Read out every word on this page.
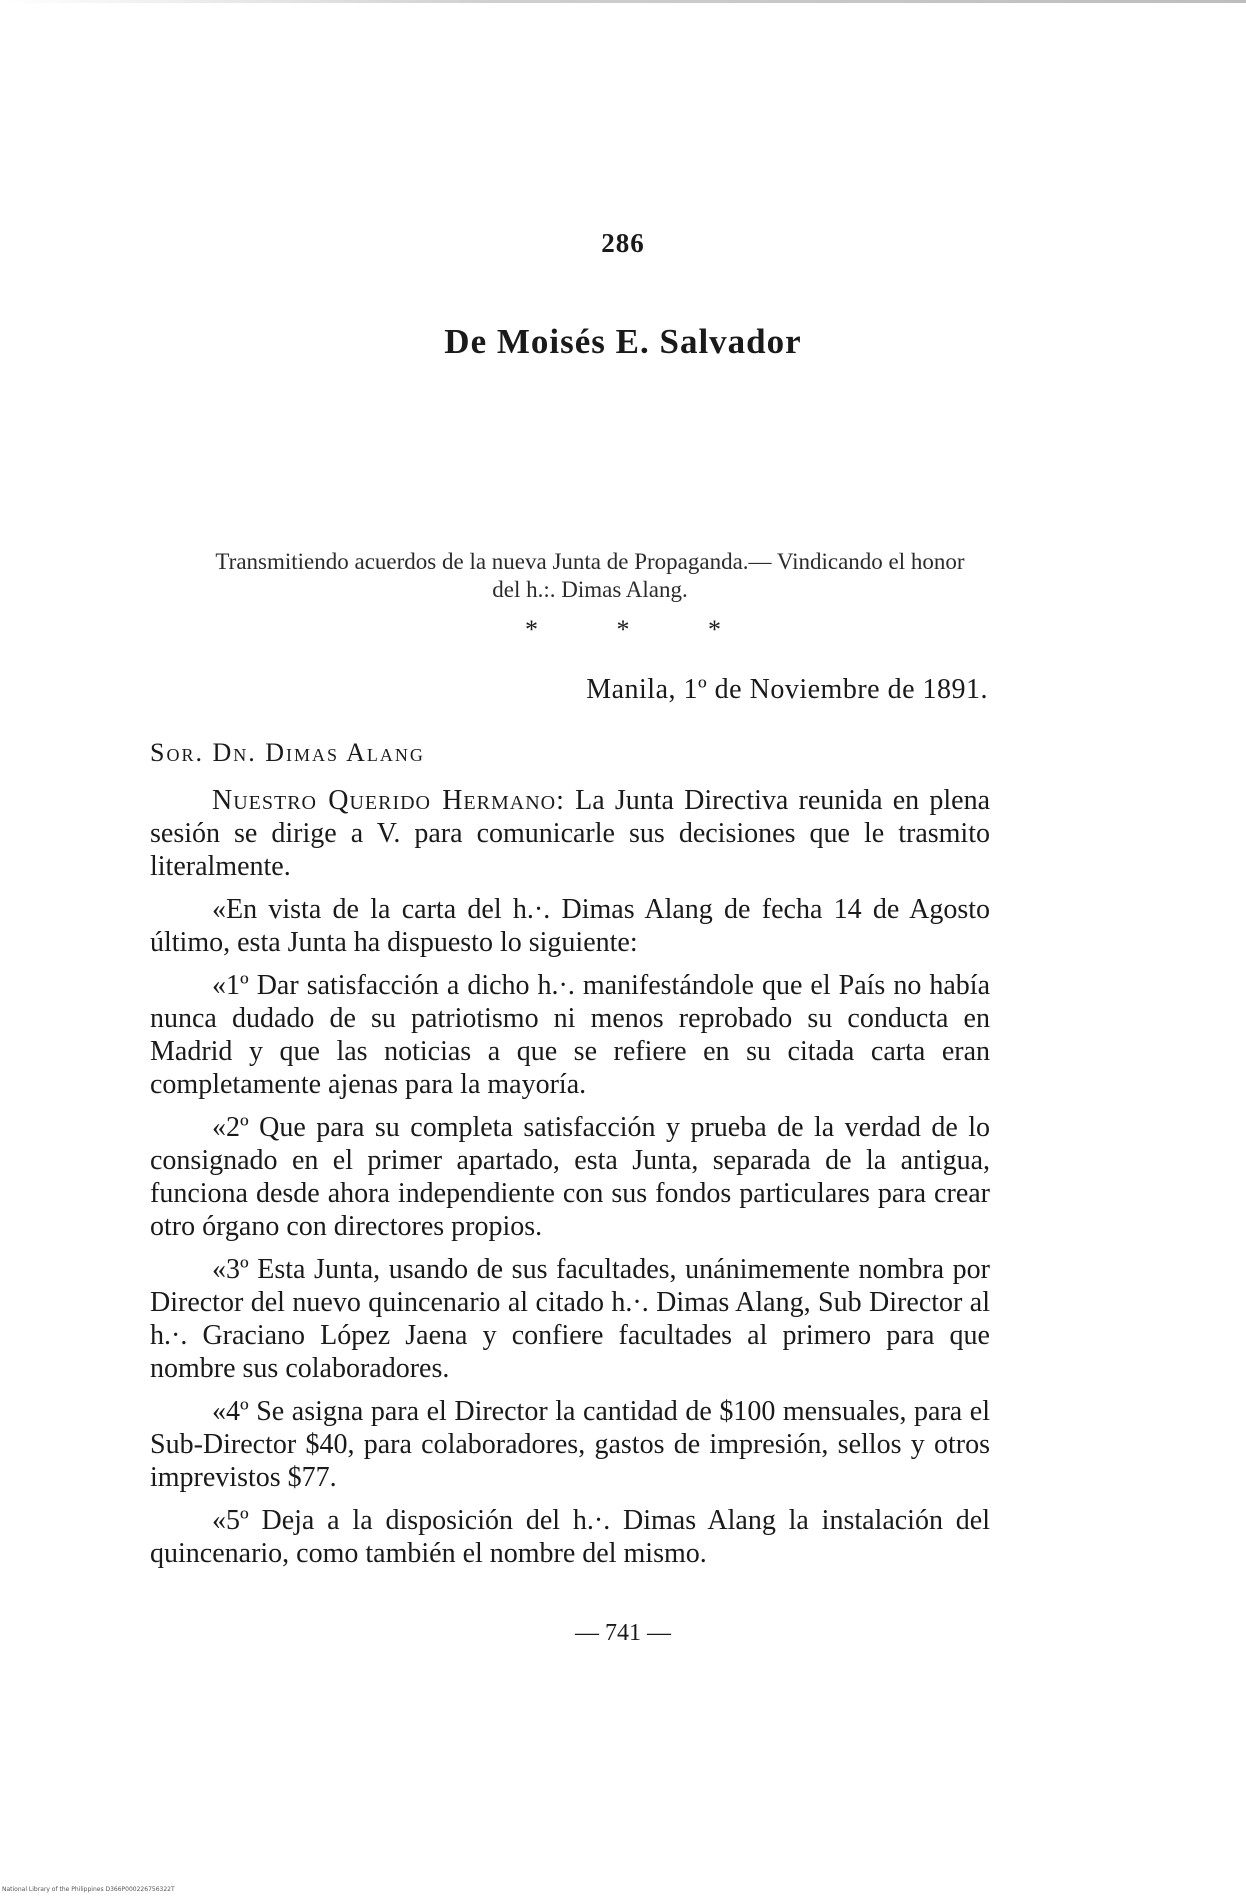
286
De Moisés E. Salvador
Transmitiendo acuerdos de la nueva Junta de Propaganda.— Vindicando el honor del h.:. Dimas Alang.
* * *
Manila, 1º de Noviembre de 1891.
Sor. Dn. Dimas Alang

Nuestro Querido Hermano: La Junta Directiva reunida en plena sesión se dirige a V. para comunicarle sus decisiones que le trasmito literalmente.

«En vista de la carta del h.·. Dimas Alang de fecha 14 de Agosto último, esta Junta ha dispuesto lo siguiente:

«1º Dar satisfacción a dicho h.·. manifestándole que el País no había nunca dudado de su patriotismo ni menos reprobado su conducta en Madrid y que las noticias a que se refiere en su citada carta eran completamente ajenas para la mayoría.

«2º Que para su completa satisfacción y prueba de la verdad de lo consignado en el primer apartado, esta Junta, separada de la antigua, funciona desde ahora independiente con sus fondos particulares para crear otro órgano con directores propios.

«3º Esta Junta, usando de sus facultades, unánimemente nombra por Director del nuevo quincenario al citado h.·. Dimas Alang, Sub Director al h.·. Graciano López Jaena y confiere facultades al primero para que nombre sus colaboradores.

«4º Se asigna para el Director la cantidad de $100 mensuales, para el Sub-Director $40, para colaboradores, gastos de impresión, sellos y otros imprevistos $77.

«5º Deja a la disposición del h.·. Dimas Alang la instalación del quincenario, como también el nombre del mismo.

— 741 —
National Library of the Philippines D366P000226756322T
